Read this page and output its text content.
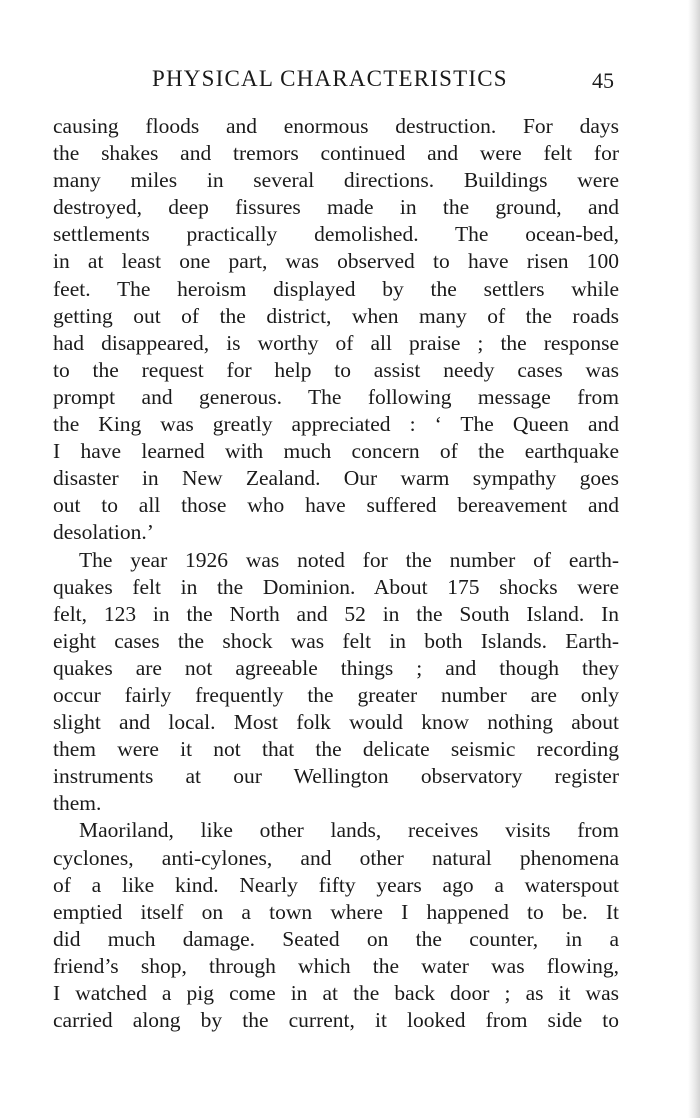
PHYSICAL CHARACTERISTICS	45
causing floods and enormous destruction. For days
the shakes and tremors continued and were felt for
many miles in several directions. Buildings were
destroyed, deep fissures made in the ground, and
settlements practically demolished. The ocean-bed,
in at least one part, was observed to have risen 100
feet. The heroism displayed by the settlers while
getting out of the district, when many of the roads
had disappeared, is worthy of all praise ; the response
to the request for help to assist needy cases was
prompt and generous. The following message from
the King was greatly appreciated : ‘ The Queen and
I have learned with much concern of the earthquake
disaster in New Zealand. Our warm sympathy goes
out to all those who have suffered bereavement and
desolation.’
The year 1926 was noted for the number of earth-
quakes felt in the Dominion. About 175 shocks were
felt, 123 in the North and 52 in the South Island. In
eight cases the shock was felt in both Islands. Earth-
quakes are not agreeable things ; and though they
occur fairly frequently the greater number are only
slight and local. Most folk would know nothing about
them were it not that the delicate seismic recording
instruments at our Wellington observatory register
them.
Maoriland, like other lands, receives visits from
cyclones, anti-cylones, and other natural phenomena
of a like kind. Nearly fifty years ago a waterspout
emptied itself on a town where I happened to be. It
did much damage. Seated on the counter, in a
friend’s shop, through which the water was flowing,
I watched a pig come in at the back door ; as it was
carried along by the current, it looked from side to
